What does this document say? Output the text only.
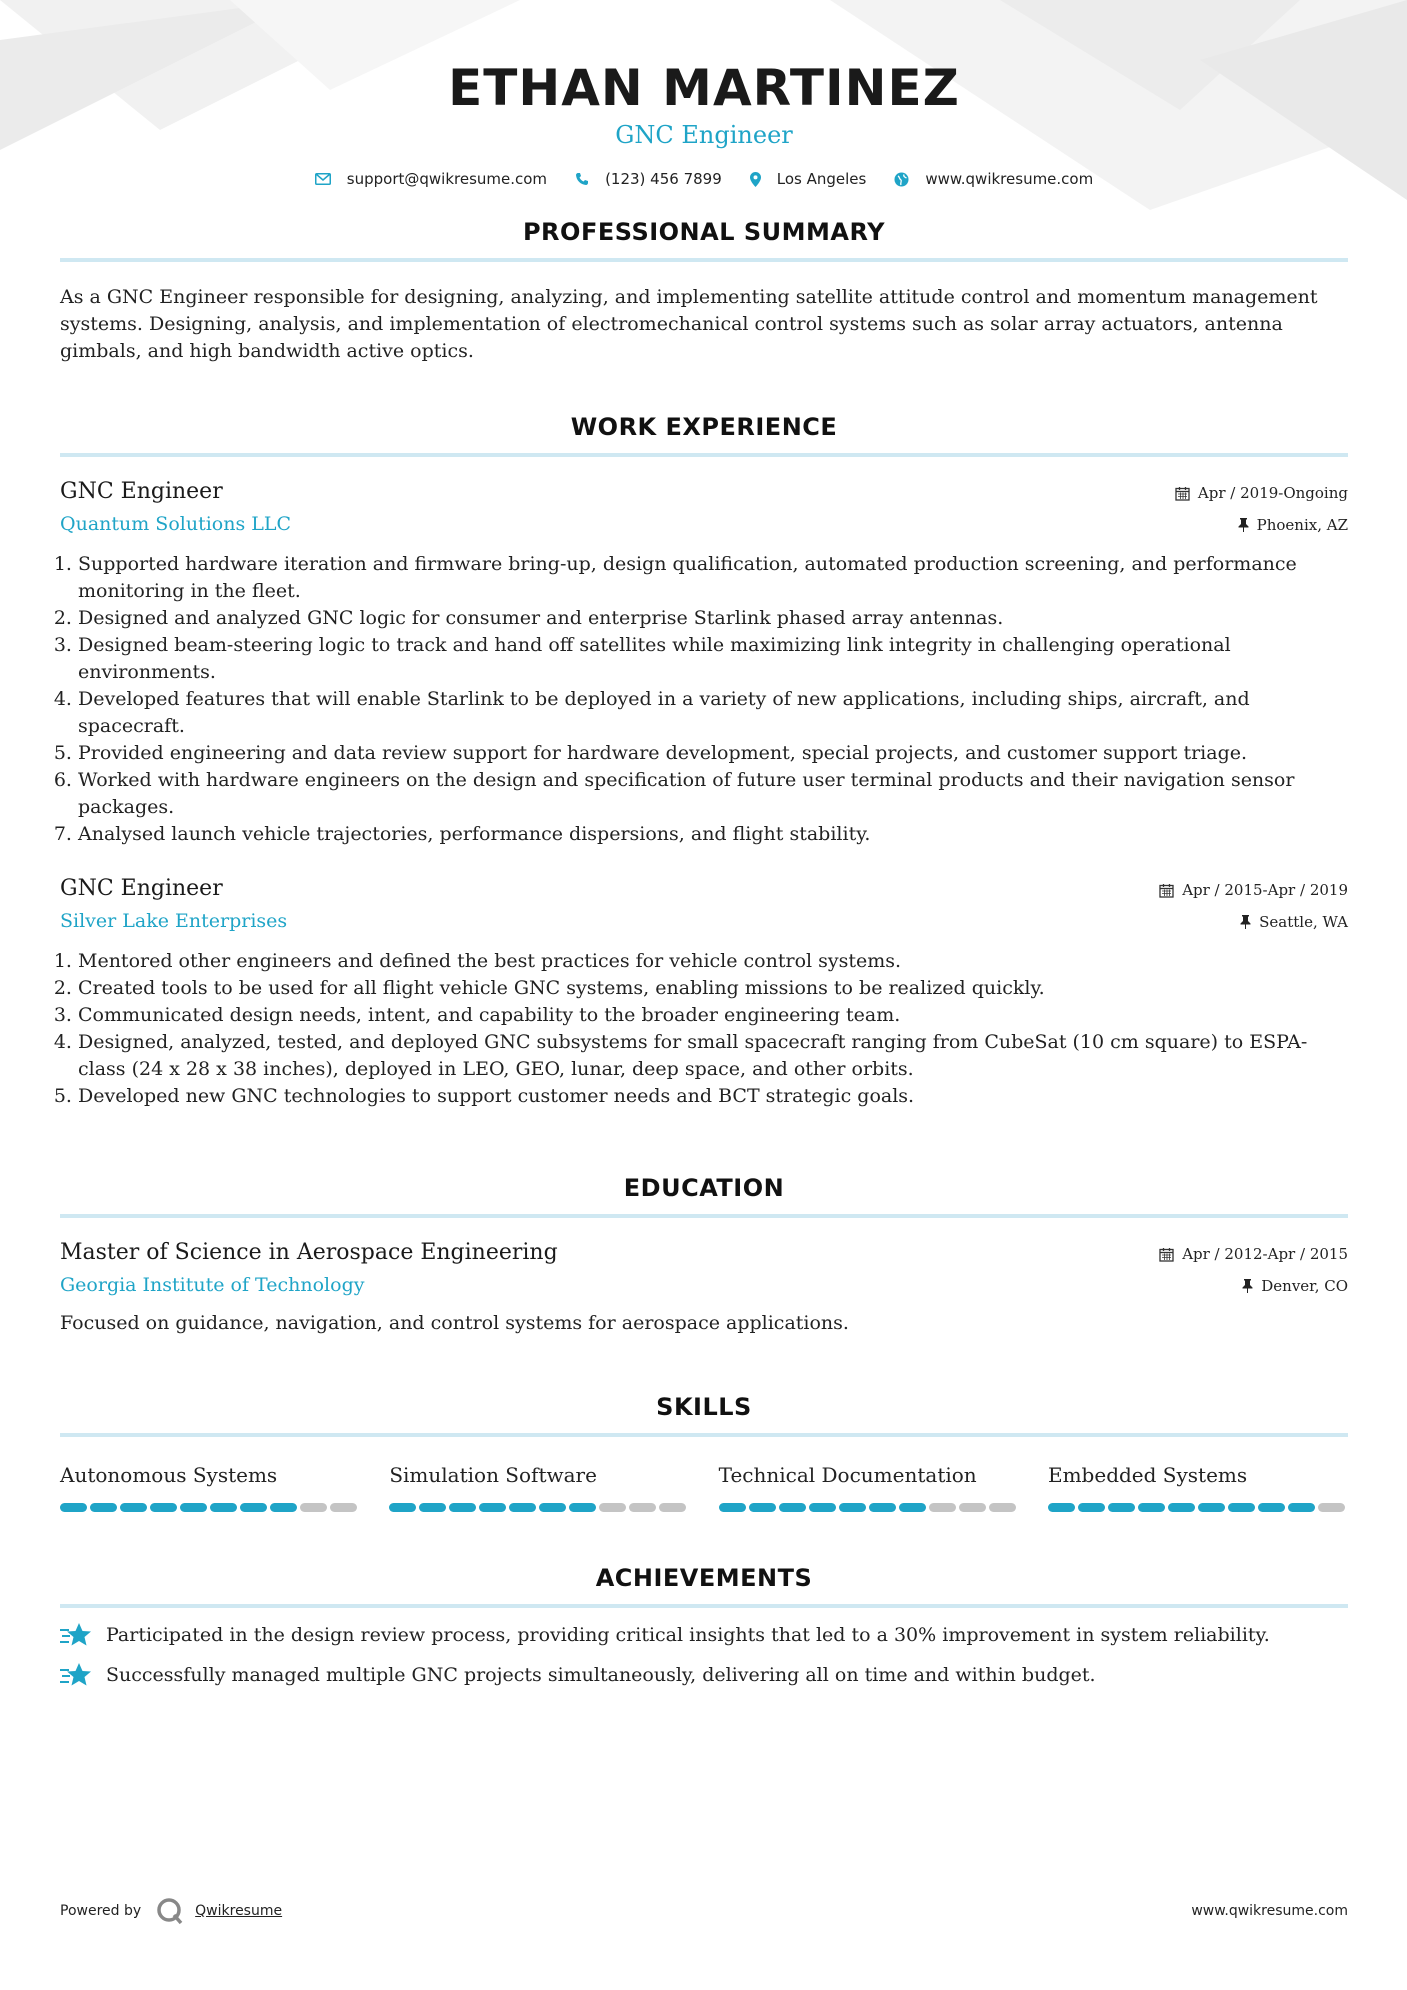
ETHAN MARTINEZ
GNC Engineer
support@qwikresume.com	(123) 456 7899	Los Angeles	www.qwikresume.com
PROFESSIONAL SUMMARY

As a GNC Engineer responsible for designing, analyzing, and implementing satellite attitude control and momentum management systems. Designing, analysis, and implementation of electromechanical control systems such as solar array actuators, antenna gimbals, and high bandwidth active optics.

WORK EXPERIENCE
GNC Engineer
Quantum Solutions LLC
Apr / 2019-Ongoing
Phoenix, AZ
1. Supported hardware iteration and firmware bring-up, design qualification, automated production screening, and performance monitoring in the fleet.
2. Designed and analyzed GNC logic for consumer and enterprise Starlink phased array antennas.
3. Designed beam-steering logic to track and hand off satellites while maximizing link integrity in challenging operational environments.
4. Developed features that will enable Starlink to be deployed in a variety of new applications, including ships, aircraft, and spacecraft.
5. Provided engineering and data review support for hardware development, special projects, and customer support triage.
6. Worked with hardware engineers on the design and specification of future user terminal products and their navigation sensor packages.
7. Analysed launch vehicle trajectories, performance dispersions, and flight stability.
GNC Engineer
Silver Lake Enterprises
Apr / 2015-Apr / 2019
Seattle, WA
1. Mentored other engineers and defined the best practices for vehicle control systems.
2. Created tools to be used for all flight vehicle GNC systems, enabling missions to be realized quickly.
3. Communicated design needs, intent, and capability to the broader engineering team.
4. Designed, analyzed, tested, and deployed GNC subsystems for small spacecraft ranging from CubeSat (10 cm square) to ESPA-class (24 x 28 x 38 inches), deployed in LEO, GEO, lunar, deep space, and other orbits.
5. Developed new GNC technologies to support customer needs and BCT strategic goals.
EDUCATION
Master of Science in Aerospace Engineering
Georgia Institute of Technology
Apr / 2012-Apr / 2015
Denver, CO

Focused on guidance, navigation, and control systems for aerospace applications.

SKILLS
Autonomous Systems	Simulation Software	Technical Documentation	Embedded Systems
ACHIEVEMENTS
Participated in the design review process, providing critical insights that led to a 30% improvement in system reliability.
Successfully managed multiple GNC projects simultaneously, delivering all on time and within budget.
Powered by	Qwikresume	www.qwikresume.com
